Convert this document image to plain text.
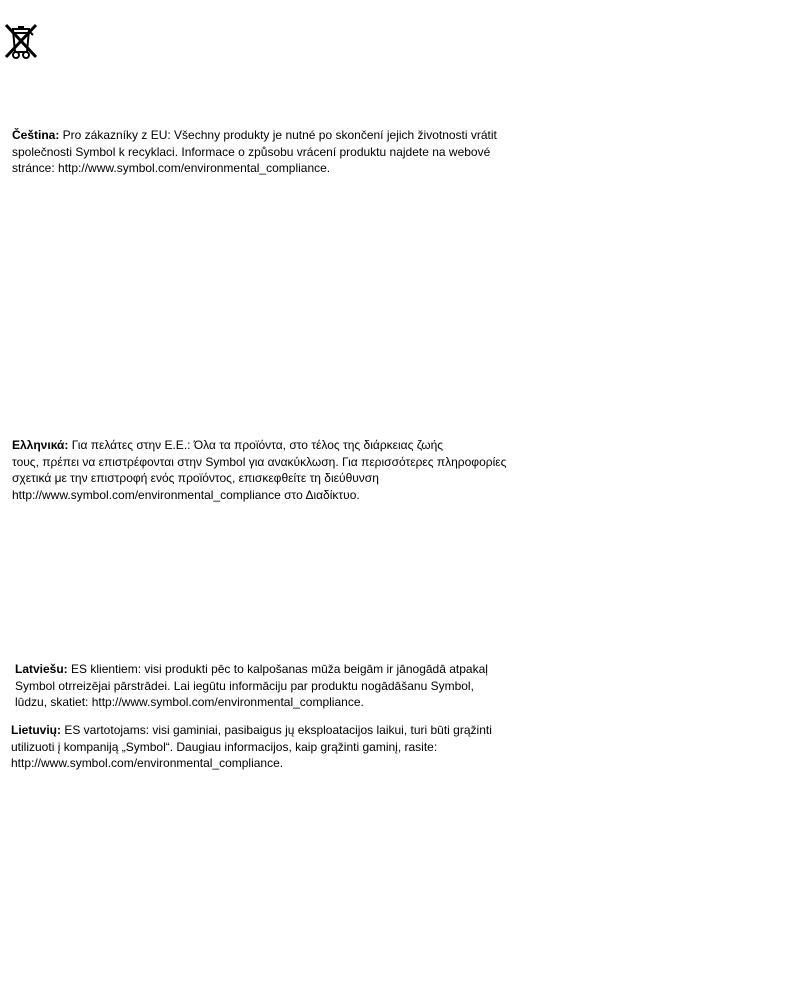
Čeština: Pro zákazníky z EU: Všechny produkty je nutné po skončení jejich životnosti vrátit
společnosti Symbol k recyklaci. Informace o způsobu vrácení produktu najdete na webové
stránce: http://www.symbol.com/environmental_compliance.
Ελληνικά: Για πελάτες στην Ε.Ε.: Όλα τα προϊόντα, στο τέλος της διάρκειας ζωής
τους, πρέπει να επιστρέφονται στην Symbol για ανακύκλωση. Για περισσότερες πληροφορίες
σχετικά με την επιστροφή ενός προϊόντος, επισκεφθείτε τη διεύθυνση
http://www.symbol.com/environmental_compliance στο Διαδίκτυο.
Latviešu: ES klientiem: visi produkti pēc to kalpošanas mūža beigām ir jānogādā atpakaļ
Symbol otrreizējai pārstrādei. Lai iegūtu informāciju par produktu nogādāšanu Symbol,
lūdzu, skatiet: http://www.symbol.com/environmental_compliance.
Lietuvių: ES vartotojams: visi gaminiai, pasibaigus jų eksploatacijos laikui, turi būti grąžinti
utilizuoti į kompaniją „Symbol“. Daugiau informacijos, kaip grąžinti gaminį, rasite:
http://www.symbol.com/environmental_compliance.
